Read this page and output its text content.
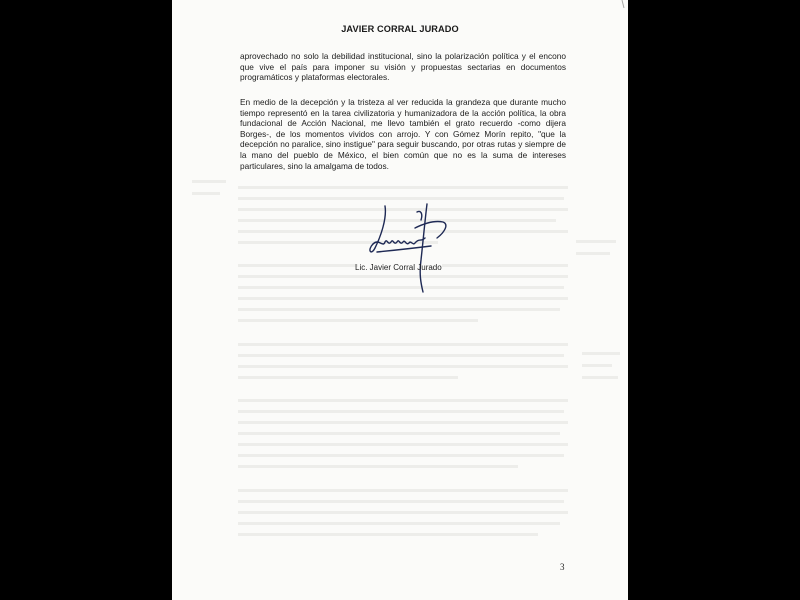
JAVIER CORRAL JURADO
aprovechado no solo la debilidad institucional, sino la polarización política y el encono que vive el país para imponer su visión y propuestas sectarias en documentos programáticos y plataformas electorales.
En medio de la decepción y la tristeza al ver reducida la grandeza que durante mucho tiempo representó en la tarea civilizatoria y humanizadora de la acción política, la obra fundacional de Acción Nacional, me llevo también el grato recuerdo -como dijera Borges-, de los momentos vividos con arrojo. Y con Gómez Morín repito, "que la decepción no paralice, sino instigue" para seguir buscando, por otras rutas y siempre de la mano del pueblo de México, el bien común que no es la suma de intereses particulares, sino la amalgama de todos.
Lic. Javier Corral Jurado
3
